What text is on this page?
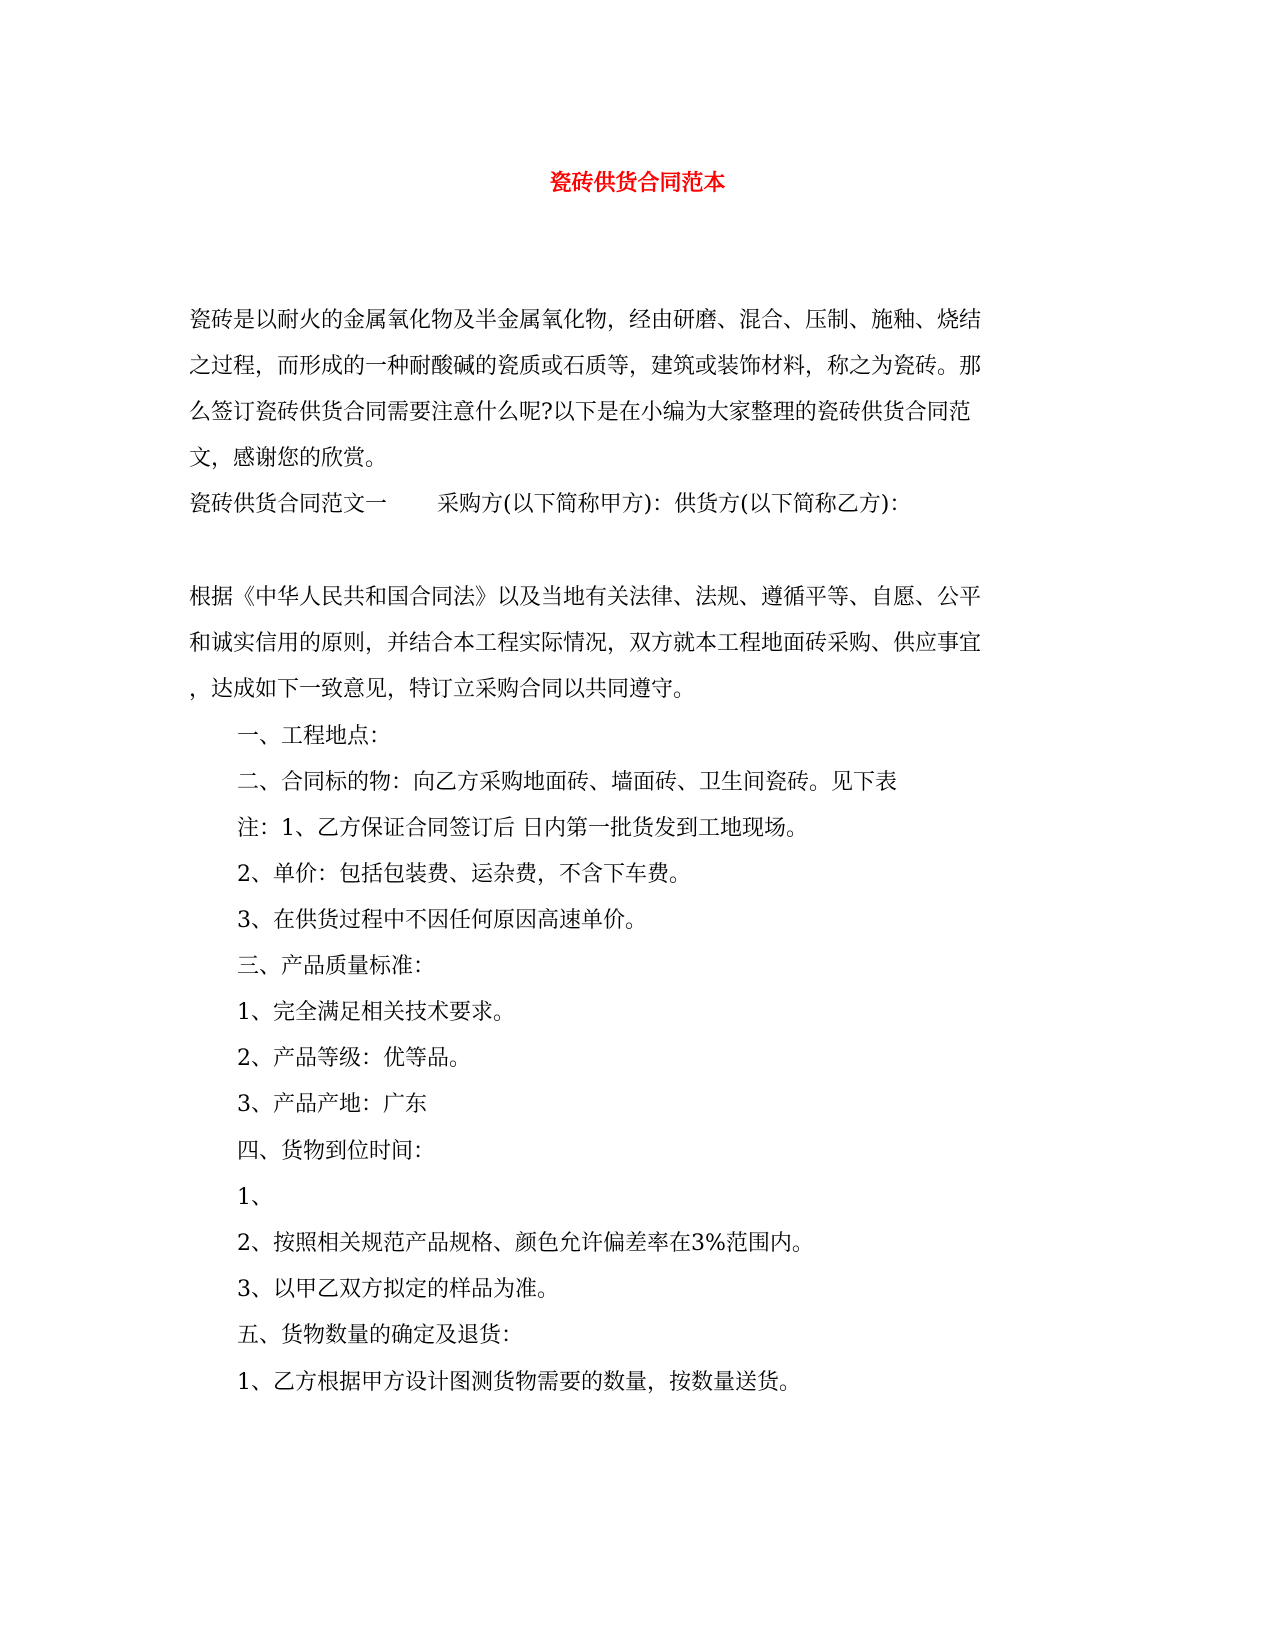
瓷砖供货合同范本
瓷砖是以耐火的金属氧化物及半金属氧化物，经由研磨、混合、压制、施釉、烧结
之过程，而形成的一种耐酸碱的瓷质或石质等，建筑或装饰材料，称之为瓷砖。那
么签订瓷砖供货合同需要注意什么呢?以下是在小编为大家整理的瓷砖供货合同范
文，感谢您的欣赏。
瓷砖供货合同范文一 采购方(以下简称甲方)：供货方(以下简称乙方)：
根据《中华人民共和国合同法》以及当地有关法律、法规、遵循平等、自愿、公平
和诚实信用的原则，并结合本工程实际情况，双方就本工程地面砖采购、供应事宜
，达成如下一致意见，特订立采购合同以共同遵守。
一、工程地点：
二、合同标的物：向乙方采购地面砖、墙面砖、卫生间瓷砖。见下表
注：1、乙方保证合同签订后 日内第一批货发到工地现场。
2、单价：包括包装费、运杂费，不含下车费。
3、在供货过程中不因任何原因高速单价。
三、产品质量标准：
1、完全满足相关技术要求。
2、产品等级：优等品。
3、产品产地：广东
四、货物到位时间：
1、
2、按照相关规范产品规格、颜色允许偏差率在3%范围内。
3、以甲乙双方拟定的样品为准。
五、货物数量的确定及退货：
1、乙方根据甲方设计图测货物需要的数量，按数量送货。
